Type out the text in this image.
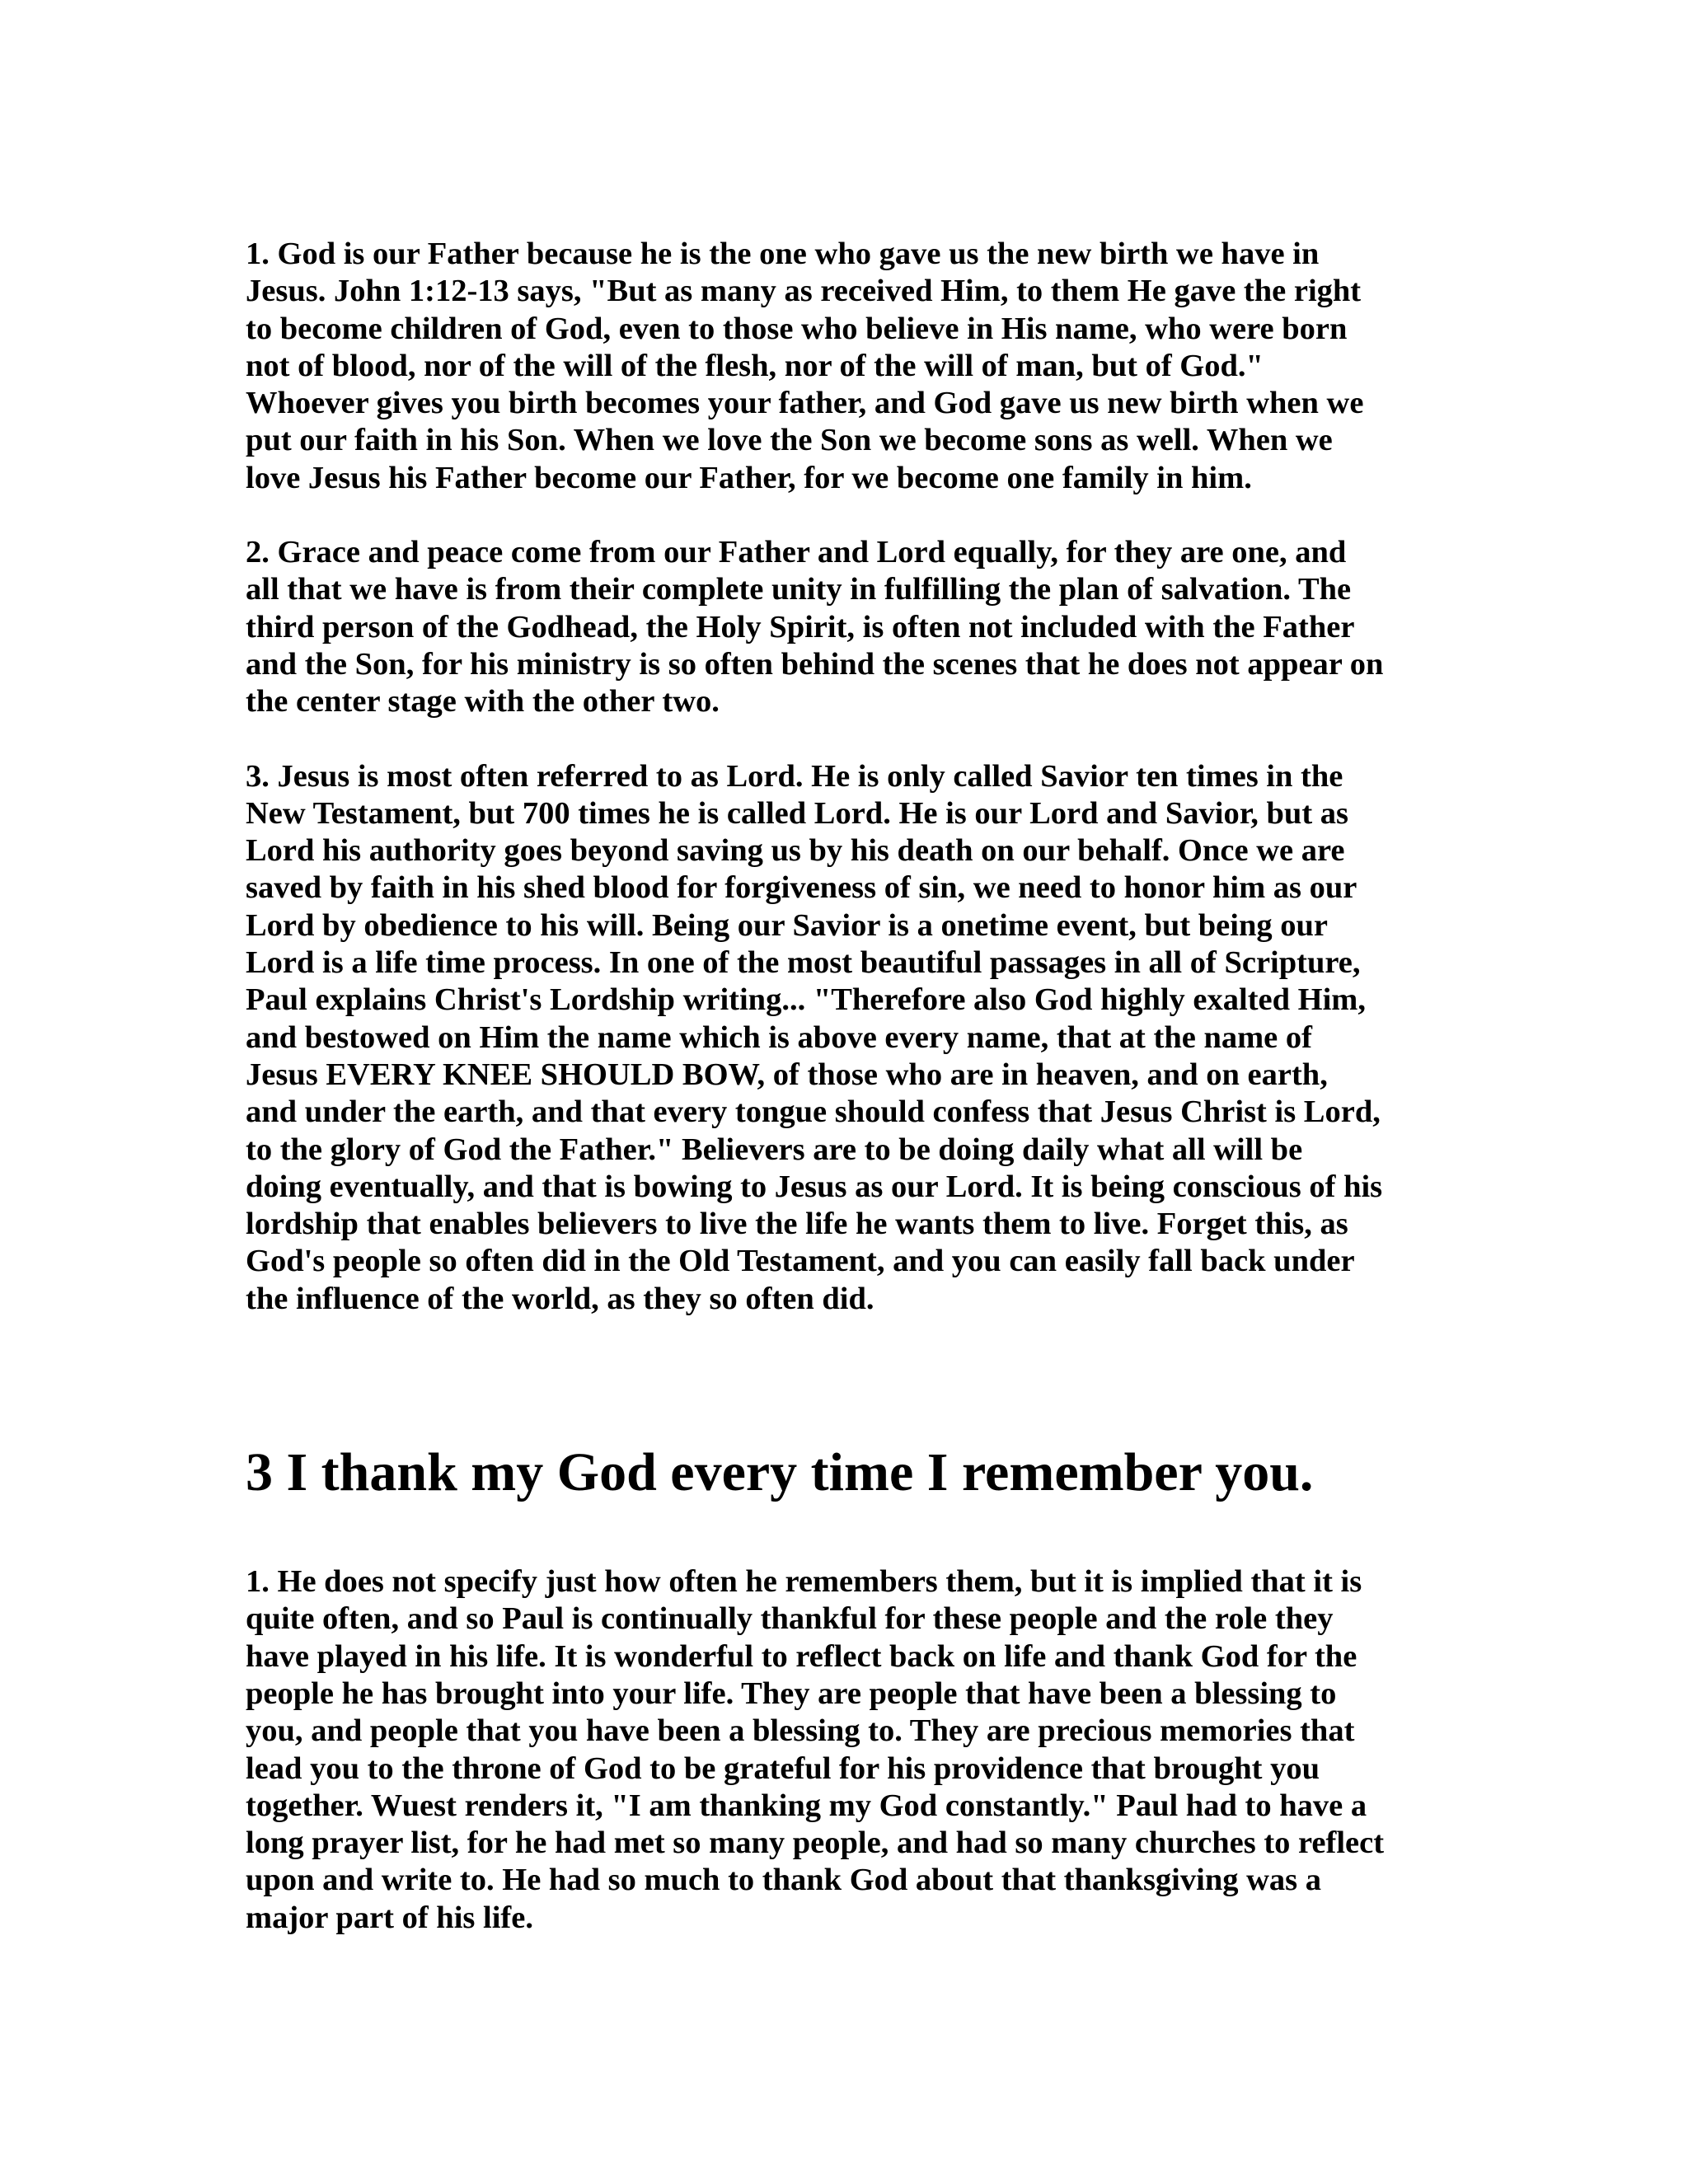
1. God is our Father because he is the one who gave us the new birth we have in
Jesus. John 1:12-13 says, "But as many as received Him, to them He gave the right
to become children of God, even to those who believe in His name, who were born
not of blood, nor of the will of the flesh, nor of the will of man, but of God."
Whoever gives you birth becomes your father, and God gave us new birth when we
put our faith in his Son. When we love the Son we become sons as well. When we
love Jesus his Father become our Father, for we become one family in him.

2. Grace and peace come from our Father and Lord equally, for they are one, and
all that we have is from their complete unity in fulfilling the plan of salvation. The
third person of the Godhead, the Holy Spirit, is often not included with the Father
and the Son, for his ministry is so often behind the scenes that he does not appear on
the center stage with the other two.

3. Jesus is most often referred to as Lord. He is only called Savior ten times in the
New Testament, but 700 times he is called Lord. He is our Lord and Savior, but as
Lord his authority goes beyond saving us by his death on our behalf. Once we are
saved by faith in his shed blood for forgiveness of sin, we need to honor him as our
Lord by obedience to his will. Being our Savior is a onetime event, but being our
Lord is a life time process. In one of the most beautiful passages in all of Scripture,
Paul explains Christ's Lordship writing... "Therefore also God highly exalted Him,
and bestowed on Him the name which is above every name, that at the name of
Jesus EVERY KNEE SHOULD BOW, of those who are in heaven, and on earth,
and under the earth, and that every tongue should confess that Jesus Christ is Lord,
to the glory of God the Father." Believers are to be doing daily what all will be
doing eventually, and that is bowing to Jesus as our Lord. It is being conscious of his
lordship that enables believers to live the life he wants them to live. Forget this, as
God's people so often did in the Old Testament, and you can easily fall back under
the influence of the world, as they so often did.

3 I thank my God every time I remember you.

1. He does not specify just how often he remembers them, but it is implied that it is
quite often, and so Paul is continually thankful for these people and the role they
have played in his life. It is wonderful to reflect back on life and thank God for the
people he has brought into your life. They are people that have been a blessing to
you, and people that you have been a blessing to. They are precious memories that
lead you to the throne of God to be grateful for his providence that brought you
together. Wuest renders it, "I am thanking my God constantly." Paul had to have a
long prayer list, for he had met so many people, and had so many churches to reflect
upon and write to. He had so much to thank God about that thanksgiving was a
major part of his life.
